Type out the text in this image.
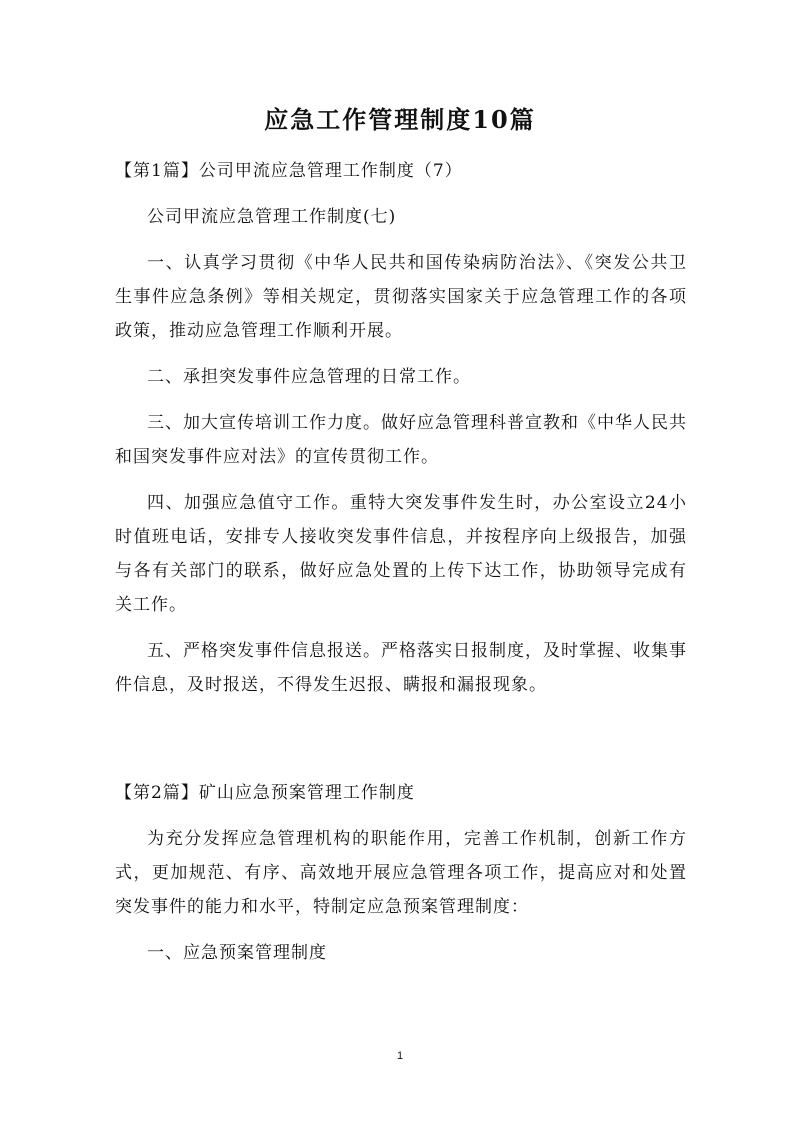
应急工作管理制度10篇
【第1篇】公司甲流应急管理工作制度（7）
公司甲流应急管理工作制度(七)

一、认真学习贯彻《中华人民共和国传染病防治法》、《突发公共卫生事件应急条例》等相关规定，贯彻落实国家关于应急管理工作的各项政策，推动应急管理工作顺利开展。

二、承担突发事件应急管理的日常工作。

三、加大宣传培训工作力度。做好应急管理科普宣教和《中华人民共和国突发事件应对法》的宣传贯彻工作。

四、加强应急值守工作。重特大突发事件发生时，办公室设立24小时值班电话，安排专人接收突发事件信息，并按程序向上级报告，加强与各有关部门的联系，做好应急处置的上传下达工作，协助领导完成有关工作。

五、严格突发事件信息报送。严格落实日报制度，及时掌握、收集事件信息，及时报送，不得发生迟报、瞒报和漏报现象。

【第2篇】矿山应急预案管理工作制度

为充分发挥应急管理机构的职能作用，完善工作机制，创新工作方式，更加规范、有序、高效地开展应急管理各项工作，提高应对和处置突发事件的能力和水平，特制定应急预案管理制度：

一、应急预案管理制度

1
